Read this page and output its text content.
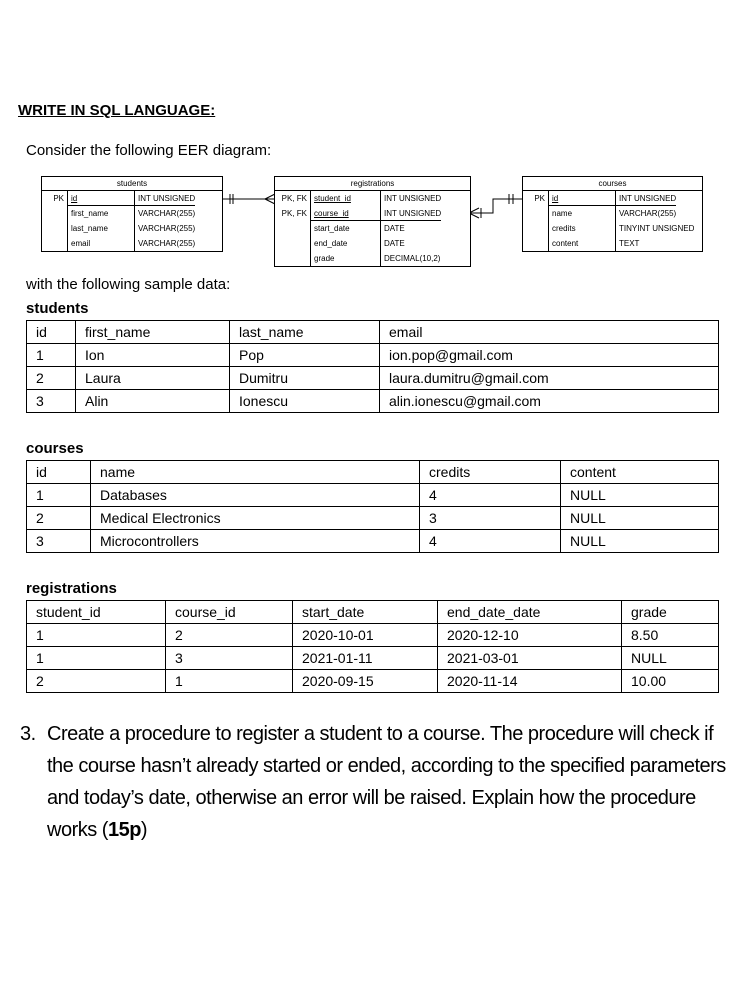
WRITE IN SQL LANGUAGE:
Consider the following EER diagram:
students
PK id	INT UNSIGNED
first_name	VARCHAR(255)
last_name	VARCHAR(255)
email	VARCHAR(255)
registrations
PK, FK student_id	INT UNSIGNED
PK, FK course_id	INT UNSIGNED
start_date	DATE
end_date	DATE
grade	DECIMAL(10,2)
courses
PK id	INT UNSIGNED
name	VARCHAR(255)
credits	TINYINT UNSIGNED
content	TEXT
with the following sample data:
students
id	first_name	last_name	email
1	Ion	Pop	ion.pop@gmail.com
2	Laura	Dumitru	laura.dumitru@gmail.com
3	Alin	Ionescu	alin.ionescu@gmail.com
courses
id	name	credits	content
1	Databases	4	NULL
2	Medical Electronics	3	NULL
3	Microcontrollers	4	NULL
registrations
student_id	course_id	start_date	end_date_date	grade
1	2	2020-10-01	2020-12-10	8.50
1	3	2021-01-11	2021-03-01	NULL
2	1	2020-09-15	2020-11-14	10.00
3. Create a procedure to register a student to a course. The procedure will check if the course hasn’t already started or ended, according to the specified parameters and today’s date, otherwise an error will be raised. Explain how the procedure works (15p)
